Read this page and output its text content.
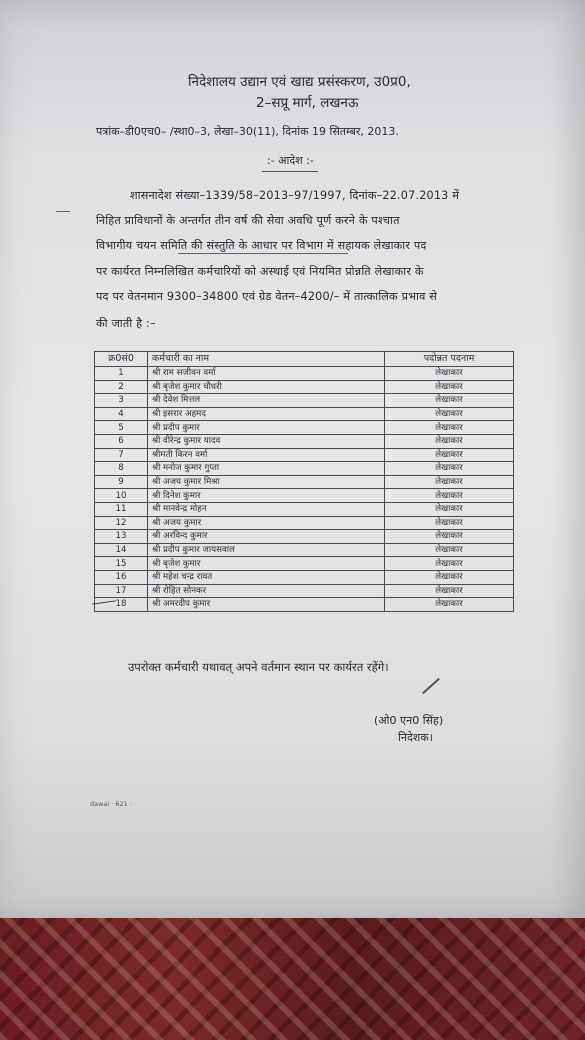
निदेशालय उद्यान एवं खाद्य प्रसंस्करण, उ0प्र0,
2–सप्रू मार्ग, लखनऊ
पत्रांक–डी0एच0– /स्था0–3, लेखा–30(11), दिनांक 19 सितम्बर, 2013.
:- आदेश :-
शासनादेश संख्या–1339/58–2013–97/1997, दिनांक–22.07.2013 में
निहित प्राविधानों के अन्तर्गत तीन वर्ष की सेवा अवधि पूर्ण करने के पश्चात
विभागीय चयन समिति की संस्तुति के आधार पर विभाग में सहायक लेखाकार पद
पर कार्यरत निम्नलिखित कर्मचारियों को अस्थाई एवं नियमित प्रोन्नति लेखाकार के
पद पर वेतनमान 9300–34800 एवं ग्रेड वेतन–4200/– में तात्कालिक प्रभाव से
की जाती है :–
क्र0सं0	कर्मचारी का नाम	पदोन्नत पदनाम
1	श्री राम सजीवन वर्मा	लेखाकार
2	श्री बृजेश कुमार चौधरी	लेखाकार
3	श्री देवेश मित्तल	लेखाकार
4	श्री इसरार अहमद	लेखाकार
5	श्री प्रदीप कुमार	लेखाकार
6	श्री वीरेन्द्र कुमार यादव	लेखाकार
7	श्रीमती किरन वर्मा	लेखाकार
8	श्री मनोज कुमार गुप्ता	लेखाकार
9	श्री अजय कुमार मिश्रा	लेखाकार
10	श्री दिनेश कुमार	लेखाकार
11	श्री मानवेन्द्र मोहन	लेखाकार
12	श्री अजय कुमार	लेखाकार
13	श्री अरविन्द कुमार	लेखाकार
14	श्री प्रदीप कुमार जायसवाल	लेखाकार
15	श्री बृजेश कुमार	लेखाकार
16	श्री महेश चन्द्र रावत	लेखाकार
17	श्री रोहित सोनकर	लेखाकार
18	श्री अमरदीप कुमार	लेखाकार
उपरोक्त कर्मचारी यथावत् अपने वर्तमान स्थान पर कार्यरत रहेंगे।
(ओ0 एन0 सिंह)
निदेशक।
dawai · 621 ·
